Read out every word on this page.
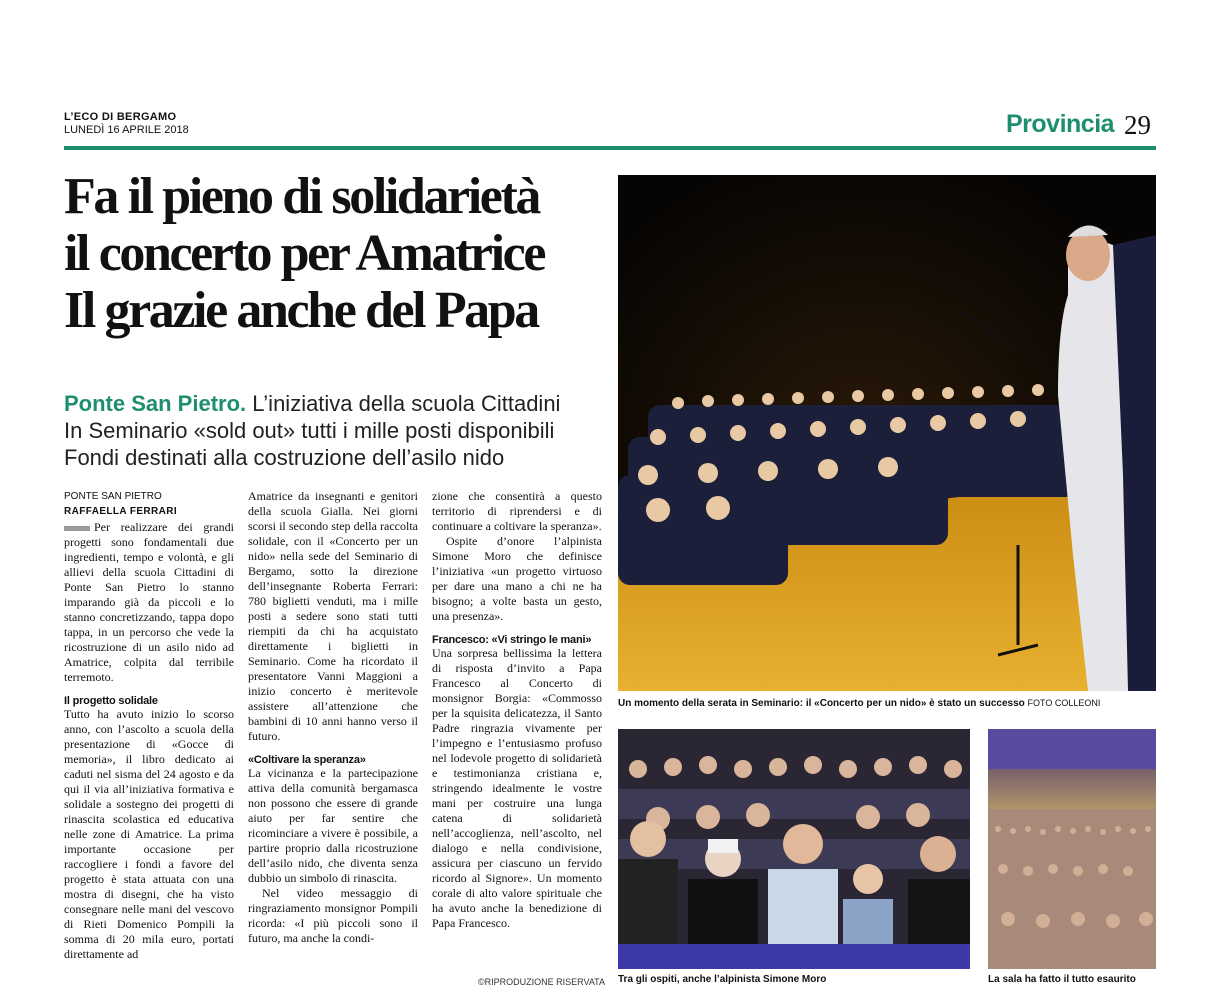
L’ECO DI BERGAMO
LUNEDÌ 16 APRILE 2018	Provincia 29
Fa il pieno di solidarietà
il concerto per Amatrice
Il grazie anche del Papa
Ponte San Pietro. L’iniziativa della scuola Cittadini
In Seminario «sold out» tutti i mille posti disponibili
Fondi destinati alla costruzione dell’asilo nido
PONTE SAN PIETRO
RAFFAELLA FERRARI

Per realizzare dei grandi progetti sono fondamentali due ingredienti, tempo e volontà, e gli allievi della scuola Cittadini di Ponte San Pietro lo stanno imparando già da piccoli e lo stanno concretizzando, tappa dopo tappa, in un percorso che vede la ricostruzione di un asilo nido ad Amatrice, colpita dal terribile terremoto.

Il progetto solidale

Tutto ha avuto inizio lo scorso anno, con l’ascolto a scuola della presentazione di «Gocce di memoria», il libro dedicato ai caduti nel sisma del 24 agosto e da qui il via all’iniziativa formativa e solidale a sostegno dei progetti di rinascita scolastica ed educativa nelle zone di Amatrice. La prima importante occasione per raccogliere i fondi a favore del progetto è stata attuata con una mostra di disegni, che ha visto consegnare nelle mani del vescovo di Rieti Domenico Pompili la somma di 20 mila euro, portati direttamente ad

Amatrice da insegnanti e genitori della scuola Gialla. Nei giorni scorsi il secondo step della raccolta solidale, con il «Concerto per un nido» nella sede del Seminario di Bergamo, sotto la direzione dell’insegnante Roberta Ferrari: 780 biglietti venduti, ma i mille posti a sedere sono stati tutti riempiti da chi ha acquistato direttamente i biglietti in Seminario. Come ha ricordato il presentatore Vanni Maggioni a inizio concerto è meritevole assistere all’attenzione che bambini di 10 anni hanno verso il futuro.

«Coltivare la speranza»

La vicinanza e la partecipazione attiva della comunità bergamasca non possono che essere di grande aiuto per far sentire che ricominciare a vivere è possibile, a partire proprio dalla ricostruzione dell’asilo nido, che diventa senza dubbio un simbolo di rinascita.

Nel video messaggio di ringraziamento monsignor Pompili ricorda: «I più piccoli sono il futuro, ma anche la condi-

zione che consentirà a questo territorio di riprendersi e di continuare a coltivare la speranza».

Ospite d’onore l’alpinista Simone Moro che definisce l’iniziativa «un progetto virtuoso per dare una mano a chi ne ha bisogno; a volte basta un gesto, una presenza».

Francesco: «Vi stringo le mani»

Una sorpresa bellissima la lettera di risposta d’invito a Papa Francesco al Concerto di monsignor Borgia: «Commosso per la squisita delicatezza, il Santo Padre ringrazia vivamente per l’impegno e l’entusiasmo profuso nel lodevole progetto di solidarietà e testimonianza cristiana e, stringendo idealmente le vostre mani per costruire una lunga catena di solidarietà nell’accoglienza, nell’ascolto, nel dialogo e nella condivisione, assicura per ciascuno un fervido ricordo al Signore». Un momento corale di alto valore spirituale che ha avuto anche la benedizione di Papa Francesco.

©RIPRODUZIONE RISERVATA
Un momento della serata in Seminario: il «Concerto per un nido» è stato un successo FOTO COLLEONI
Tra gli ospiti, anche l’alpinista Simone Moro	La sala ha fatto il tutto esaurito
